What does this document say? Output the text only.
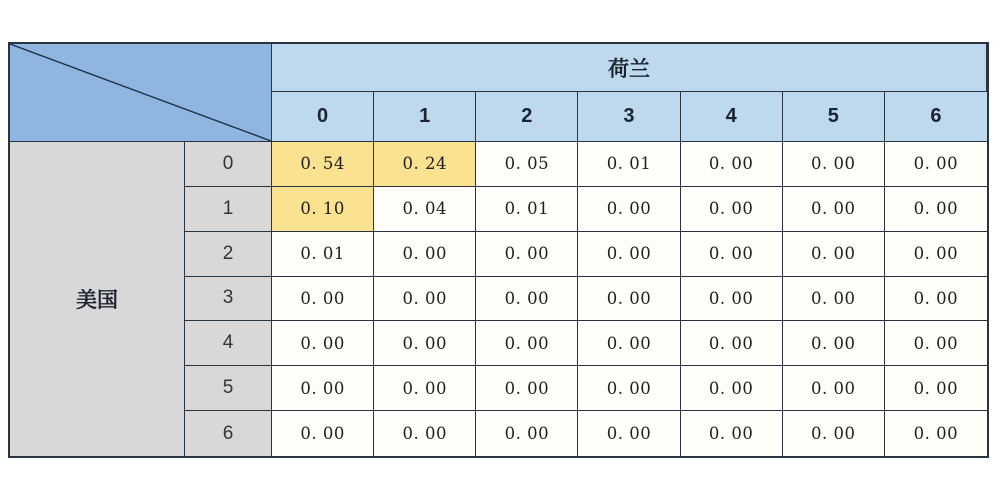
荷兰
美国
0	1	2	3	4	5	6
0	0. 54	0. 24	0. 05	0. 01	0. 00	0. 00	0. 00
1	0. 10	0. 04	0. 01	0. 00	0. 00	0. 00	0. 00
2	0. 01	0. 00	0. 00	0. 00	0. 00	0. 00	0. 00
3	0. 00	0. 00	0. 00	0. 00	0. 00	0. 00	0. 00
4	0. 00	0. 00	0. 00	0. 00	0. 00	0. 00	0. 00
5	0. 00	0. 00	0. 00	0. 00	0. 00	0. 00	0. 00
6	0. 00	0. 00	0. 00	0. 00	0. 00	0. 00	0. 00
